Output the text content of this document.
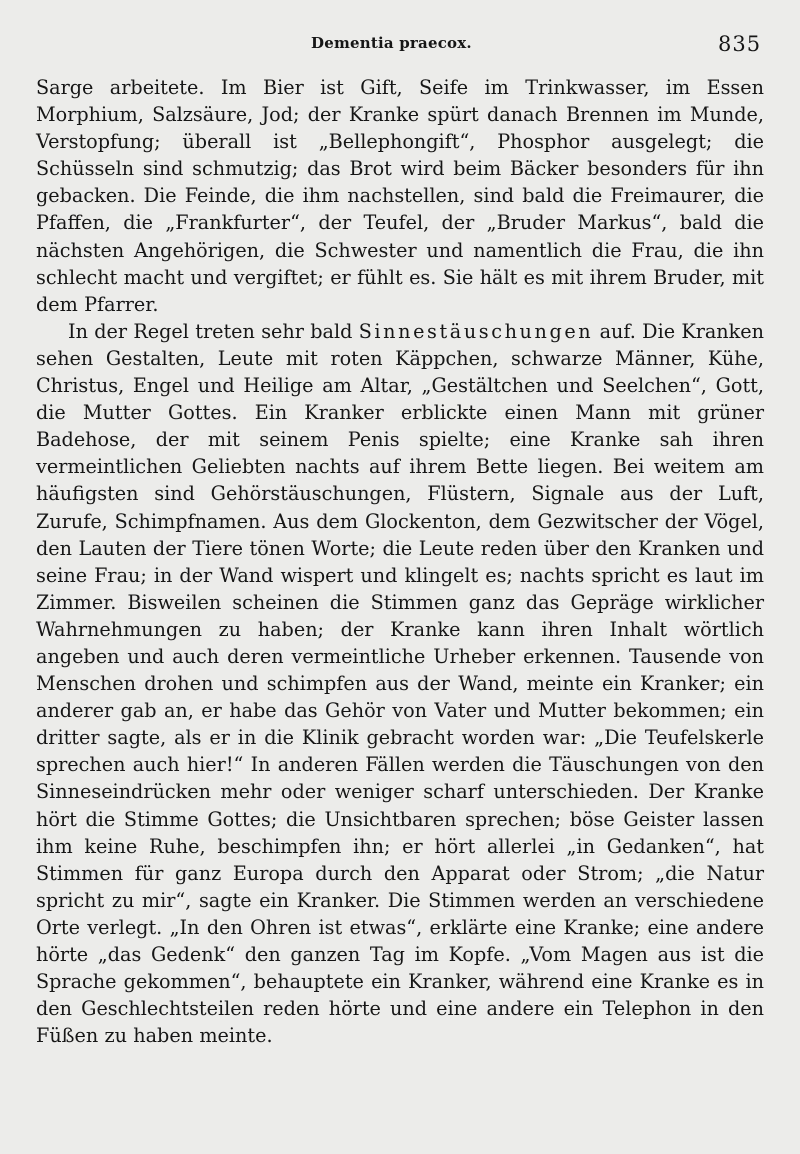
Dementia praecox.	835

Sarge arbeitete. Im Bier ist Gift, Seife im Trinkwasser, im Essen Morphium, Salzsäure, Jod; der Kranke spürt danach Brennen im Munde, Verstopfung; überall ist „Bellephongift“, Phosphor ausgelegt; die Schüsseln sind schmutzig; das Brot wird beim Bäcker besonders für ihn gebacken. Die Feinde, die ihm nachstellen, sind bald die Freimaurer, die Pfaffen, die „Frankfurter“, der Teufel, der „Bruder Markus“, bald die nächsten Angehörigen, die Schwester und namentlich die Frau, die ihn schlecht macht und vergiftet; er fühlt es. Sie hält es mit ihrem Bruder, mit dem Pfarrer.

In der Regel treten sehr bald Sinnestäuschungen auf. Die Kranken sehen Gestalten, Leute mit roten Käppchen, schwarze Männer, Kühe, Christus, Engel und Heilige am Altar, „Gestältchen und Seelchen“, Gott, die Mutter Gottes. Ein Kranker erblickte einen Mann mit grüner Badehose, der mit seinem Penis spielte; eine Kranke sah ihren vermeintlichen Geliebten nachts auf ihrem Bette liegen. Bei weitem am häufigsten sind Gehörstäuschungen, Flüstern, Signale aus der Luft, Zurufe, Schimpfnamen. Aus dem Glockenton, dem Gezwitscher der Vögel, den Lauten der Tiere tönen Worte; die Leute reden über den Kranken und seine Frau; in der Wand wispert und klingelt es; nachts spricht es laut im Zimmer. Bisweilen scheinen die Stimmen ganz das Gepräge wirklicher Wahrnehmungen zu haben; der Kranke kann ihren Inhalt wörtlich angeben und auch deren vermeintliche Urheber erkennen. Tausende von Menschen drohen und schimpfen aus der Wand, meinte ein Kranker; ein anderer gab an, er habe das Gehör von Vater und Mutter bekommen; ein dritter sagte, als er in die Klinik gebracht worden war: „Die Teufelskerle sprechen auch hier!“ In anderen Fällen werden die Täuschungen von den Sinneseindrücken mehr oder weniger scharf unterschieden. Der Kranke hört die Stimme Gottes; die Unsichtbaren sprechen; böse Geister lassen ihm keine Ruhe, beschimpfen ihn; er hört allerlei „in Gedanken“, hat Stimmen für ganz Europa durch den Apparat oder Strom; „die Natur spricht zu mir“, sagte ein Kranker. Die Stimmen werden an verschiedene Orte verlegt. „In den Ohren ist etwas“, erklärte eine Kranke; eine andere hörte „das Gedenk“ den ganzen Tag im Kopfe. „Vom Magen aus ist die Sprache gekommen“, behauptete ein Kranker, während eine Kranke es in den Geschlechtsteilen reden hörte und eine andere ein Telephon in den Füßen zu haben meinte.
